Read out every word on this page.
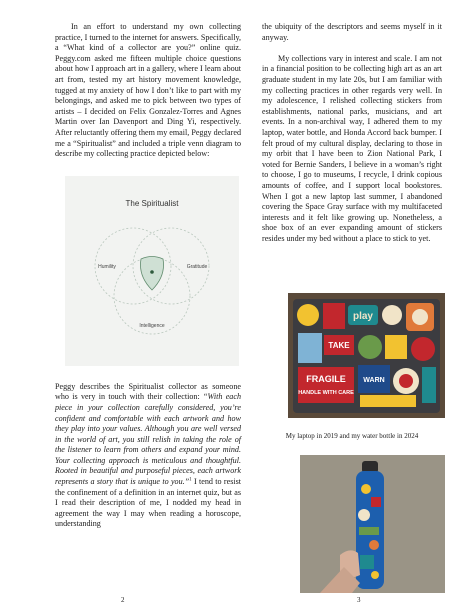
In an effort to understand my own collecting practice, I turned to the internet for answers. Specifically, a “What kind of a collector are you?” online quiz. Peggy.com asked me fifteen multiple choice questions about how I approach art in a gallery, where I learn about art from, tested my art history movement knowledge, tugged at my anxiety of how I don’t like to part with my belongings, and asked me to pick between two types of artists – I decided on Felix Gonzalez-Torres and Agnes Martin over Ian Davenport and Ding Yi, respectively. After reluctantly offering them my email, Peggy declared me a “Spiritualist” and included a triple venn diagram to describe my collecting practice depicted below:

The Spiritualist
Humility	Gratitude
Intelligence

Peggy describes the Spiritualist collector as someone who is very in touch with their collection: “With each piece in your collection carefully considered, you’re confident and comfortable with each artwork and how they play into your values. Although you are well versed in the world of art, you still relish in taking the role of the listener to learn from others and expand your mind. Your collecting approach is meticulous and thoughtful. Rooted in beautiful and purposeful pieces, each artwork represents a story that is unique to you.”$^1$ I tend to resist the confinement of a definition in an internet quiz, but as I read their description of me, I nodded my head in agreement the way I may when reading a horoscope, understanding

the ubiquity of the descriptors and seems myself in it anyway.

My collections vary in interest and scale. I am not in a financial position to be collecting high art as an art graduate student in my late 20s, but I am familiar with my collecting practices in other regards very well. In my adolescence, I relished collecting stickers from establishments, national parks, musicians, and art events. In a non-archival way, I adhered them to my laptop, water bottle, and Honda Accord back bumper. I felt proud of my cultural display, declaring to those in my orbit that I have been to Zion National Park, I voted for Bernie Sanders, I believe in a woman’s right to choose, I go to museums, I recycle, I drink copious amounts of coffee, and I support local bookstores. When I got a new laptop last summer, I abandoned covering the Space Gray surface with my multifaceted interests and it felt like growing up. Nonetheless, a shoe box of an ever expanding amount of stickers resides under my bed without a place to stick to yet.

play
TAKE
FRAGILE
HANDLE WITH CARE
WARN
My laptop in 2019 and my water bottle in 2024
2	3
